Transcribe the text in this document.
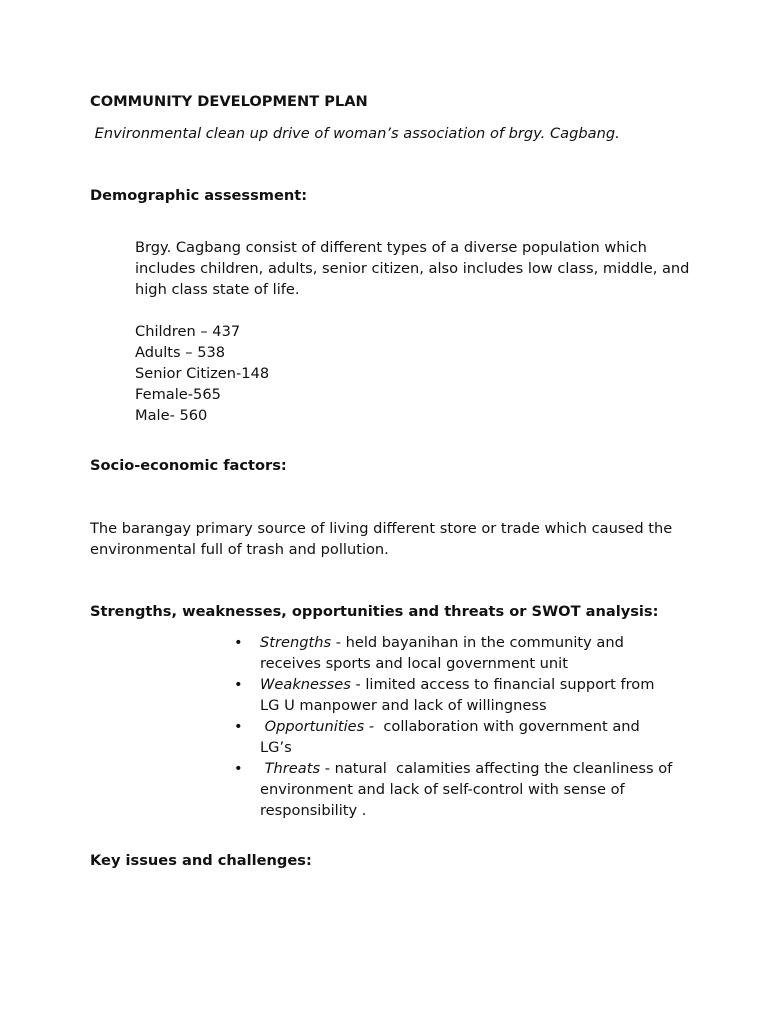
COMMUNITY DEVELOPMENT PLAN
Environmental clean up drive of woman’s association of brgy. Cagbang.
Demographic assessment:
Brgy. Cagbang consist of different types of a diverse population which includes children, adults, senior citizen, also includes low class, middle, and high class state of life.
Children – 437
Adults – 538
Senior Citizen-148
Female-565
Male- 560
Socio-economic factors:
The barangay primary source of living different store or trade which caused the environmental full of trash and pollution.
Strengths, weaknesses, opportunities and threats or SWOT analysis:
• Strengths - held bayanihan in the community and receives sports and local government unit
• Weaknesses - limited access to financial support from LG U manpower and lack of willingness
• Opportunities -  collaboration with government and LG’s
• Threats - natural  calamities affecting the cleanliness of environment and lack of self-control with sense of responsibility .
Key issues and challenges:
